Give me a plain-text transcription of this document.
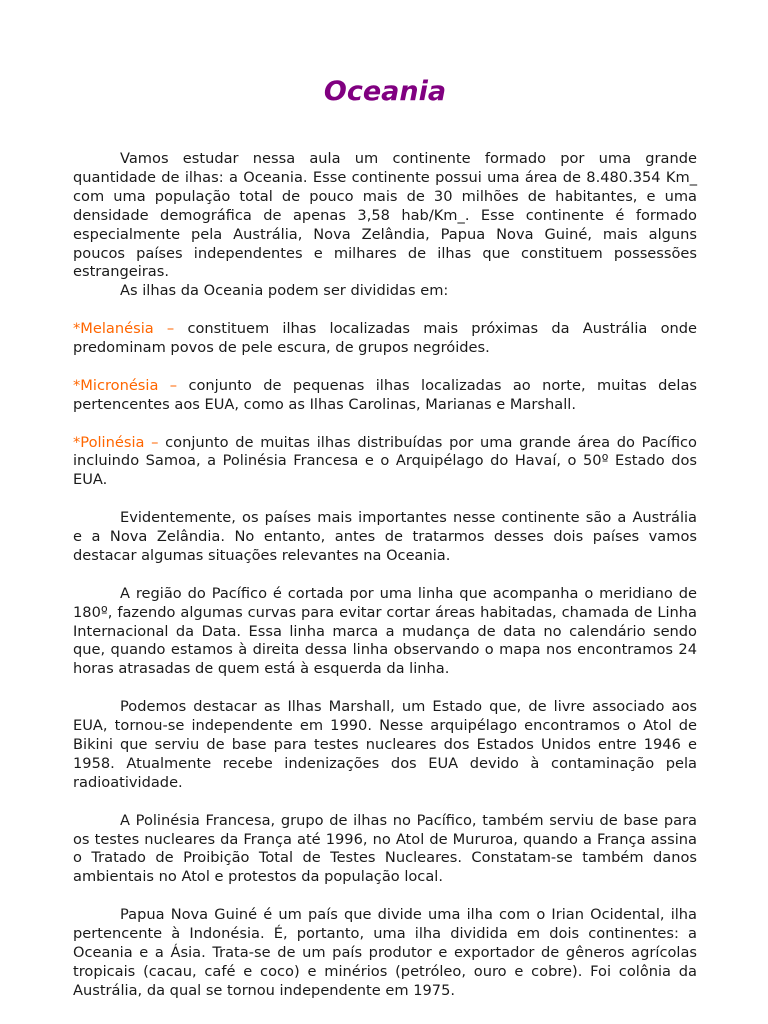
Oceania

Vamos estudar nessa aula um continente formado por uma grande quantidade de ilhas: a Oceania. Esse continente possui uma área de 8.480.354 Km_ com uma população total de pouco mais de 30 milhões de habitantes, e uma densidade demográfica de apenas 3,58 hab/Km_. Esse continente é formado especialmente pela Austrália, Nova Zelândia, Papua Nova Guiné, mais alguns poucos países independentes e milhares de ilhas que constituem possessões estrangeiras.

As ilhas da Oceania podem ser divididas em:

*Melanésia – constituem ilhas localizadas mais próximas da Austrália onde predominam povos de pele escura, de grupos negróides.

*Micronésia – conjunto de pequenas ilhas localizadas ao norte, muitas delas pertencentes aos EUA, como as Ilhas Carolinas, Marianas e Marshall.

*Polinésia – conjunto de muitas ilhas distribuídas por uma grande área do Pacífico incluindo Samoa, a Polinésia Francesa e o Arquipélago do Havaí, o 50º Estado dos EUA.

Evidentemente, os países mais importantes nesse continente são a Austrália e a Nova Zelândia. No entanto, antes de tratarmos desses dois países vamos destacar algumas situações relevantes na Oceania.

A região do Pacífico é cortada por uma linha que acompanha o meridiano de 180º, fazendo algumas curvas para evitar cortar áreas habitadas, chamada de Linha Internacional da Data. Essa linha marca a mudança de data no calendário sendo que, quando estamos à direita dessa linha observando o mapa nos encontramos 24 horas atrasadas de quem está à esquerda da linha.

Podemos destacar as Ilhas Marshall, um Estado que, de livre associado aos EUA, tornou-se independente em 1990. Nesse arquipélago encontramos o Atol de Bikini que serviu de base para testes nucleares dos Estados Unidos entre 1946 e 1958. Atualmente recebe indenizações dos EUA devido à contaminação pela radioatividade.

A Polinésia Francesa, grupo de ilhas no Pacífico, também serviu de base para os testes nucleares da França até 1996, no Atol de Mururoa, quando a França assina o Tratado de Proibição Total de Testes Nucleares. Constatam-se também danos ambientais no Atol e protestos da população local.

Papua Nova Guiné é um país que divide uma ilha com o Irian Ocidental, ilha pertencente à Indonésia. É, portanto, uma ilha dividida em dois continentes: a Oceania e a Ásia. Trata-se de um país produtor e exportador de gêneros agrícolas tropicais (cacau, café e coco) e minérios (petróleo, ouro e cobre). Foi colônia da Austrália, da qual se tornou independente em 1975.
